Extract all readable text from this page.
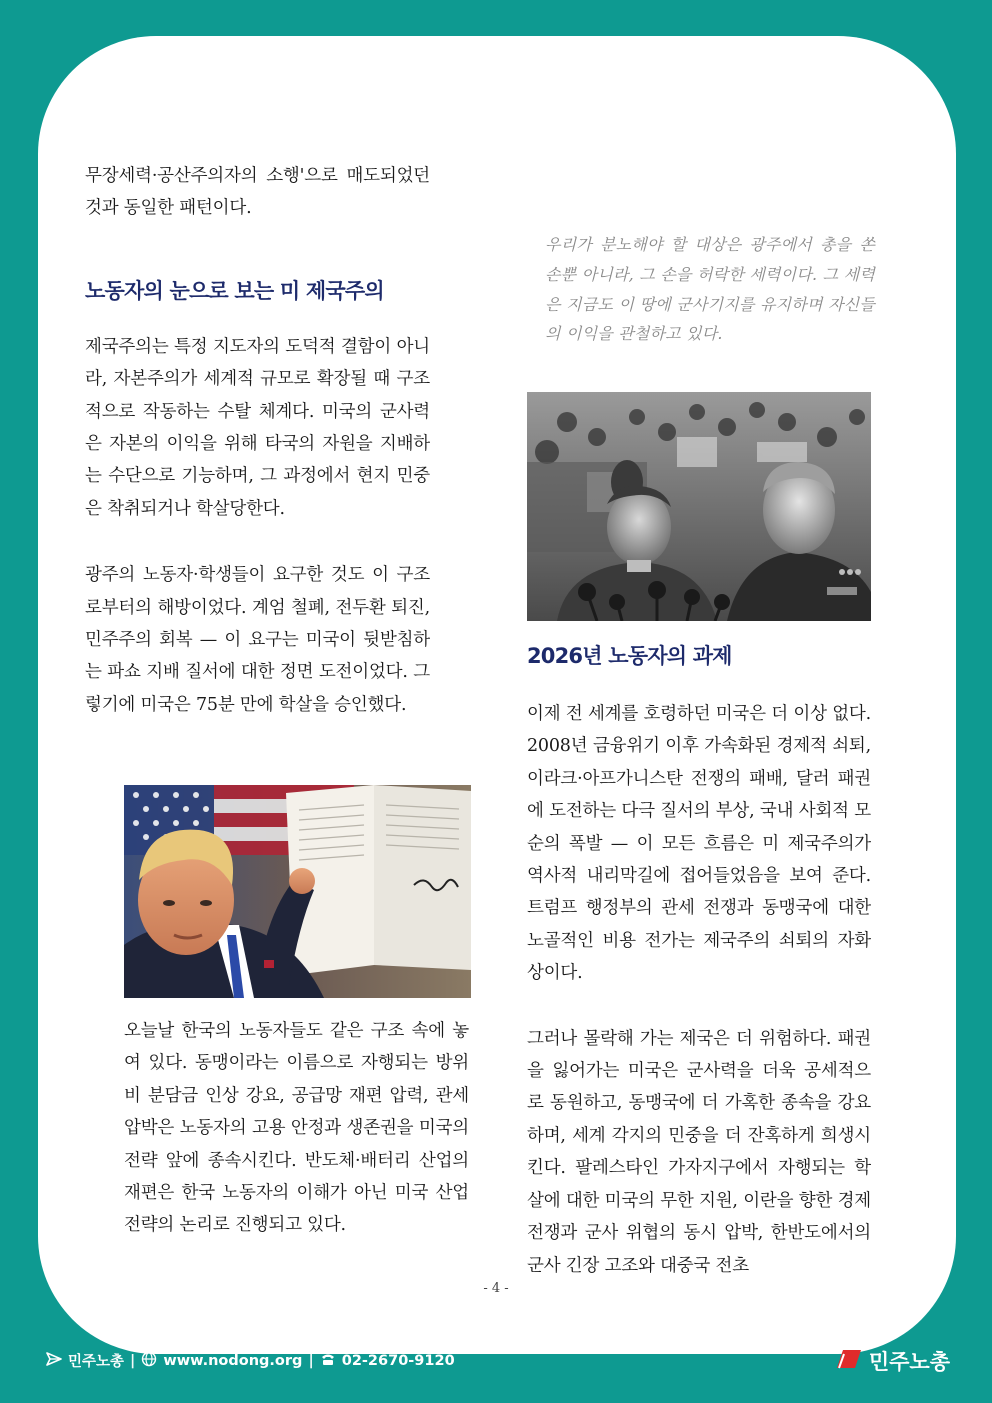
무장세력·공산주의자의 소행'으로 매도되었던 것과 동일한 패턴이다.

노동자의 눈으로 보는 미 제국주의

제국주의는 특정 지도자의 도덕적 결함이 아니라, 자본주의가 세계적 규모로 확장될 때 구조적으로 작동하는 수탈 체계다. 미국의 군사력은 자본의 이익을 위해 타국의 자원을 지배하는 수단으로 기능하며, 그 과정에서 현지 민중은 착취되거나 학살당한다.

광주의 노동자·학생들이 요구한 것도 이 구조로부터의 해방이었다. 계엄 철폐, 전두환 퇴진, 민주주의 회복 — 이 요구는 미국이 뒷받침하는 파쇼 지배 질서에 대한 정면 도전이었다. 그렇기에 미국은 75분 만에 학살을 승인했다.

오늘날 한국의 노동자들도 같은 구조 속에 놓여 있다. 동맹이라는 이름으로 자행되는 방위비 분담금 인상 강요, 공급망 재편 압력, 관세 압박은 노동자의 고용 안정과 생존권을 미국의 전략 앞에 종속시킨다. 반도체·배터리 산업의 재편은 한국 노동자의 이해가 아닌 미국 산업 전략의 논리로 진행되고 있다.

우리가 분노해야 할 대상은 광주에서 총을 쏜 손뿐 아니라, 그 손을 허락한 세력이다. 그 세력은 지금도 이 땅에 군사기지를 유지하며 자신들의 이익을 관철하고 있다.

2026년 노동자의 과제

이제 전 세계를 호령하던 미국은 더 이상 없다. 2008년 금융위기 이후 가속화된 경제적 쇠퇴, 이라크·아프가니스탄 전쟁의 패배, 달러 패권에 도전하는 다극 질서의 부상, 국내 사회적 모순의 폭발 — 이 모든 흐름은 미 제국주의가 역사적 내리막길에 접어들었음을 보여 준다. 트럼프 행정부의 관세 전쟁과 동맹국에 대한 노골적인 비용 전가는 제국주의 쇠퇴의 자화상이다.

그러나 몰락해 가는 제국은 더 위험하다. 패권을 잃어가는 미국은 군사력을 더욱 공세적으로 동원하고, 동맹국에 더 가혹한 종속을 강요하며, 세계 각지의 민중을 더 잔혹하게 희생시킨다. 팔레스타인 가자지구에서 자행되는 학살에 대한 미국의 무한 지원, 이란을 향한 경제 전쟁과 군사 위협의 동시 압박, 한반도에서의 군사 긴장 고조와 대중국 전초

- 4 -
민주노총 | www.nodong.org | 02-2670-9120	민주노총
